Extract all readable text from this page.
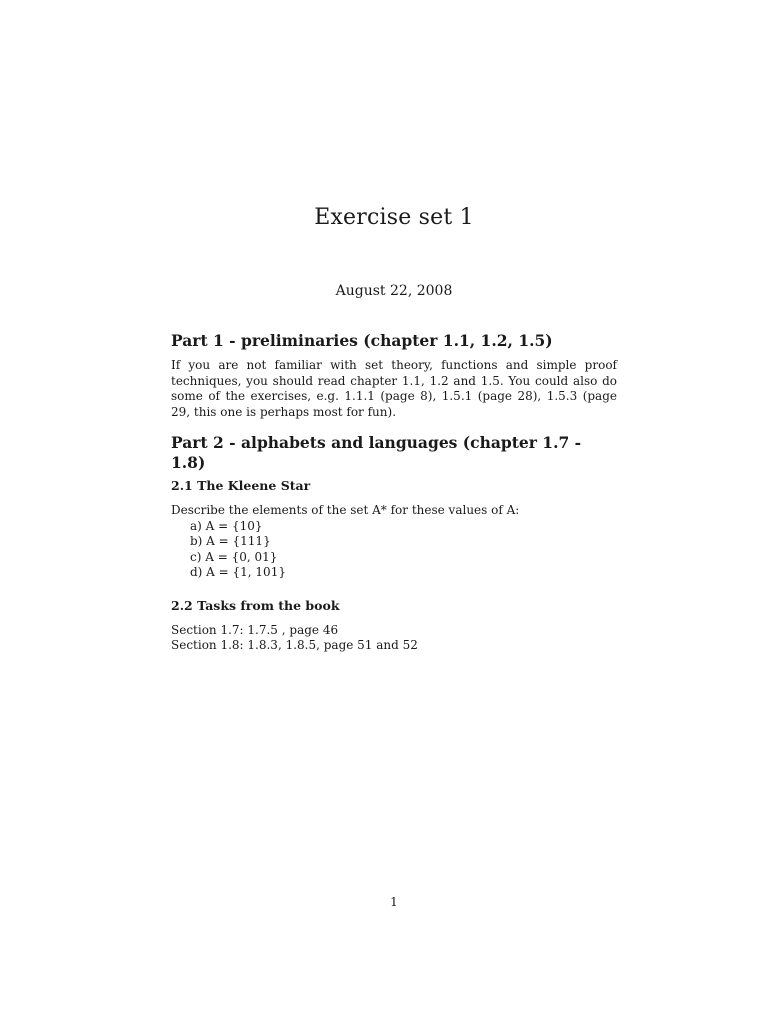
Exercise set 1
August 22, 2008
Part 1 - preliminaries (chapter 1.1, 1.2, 1.5)

If you are not familiar with set theory, functions and simple proof techniques, you should read chapter 1.1, 1.2 and 1.5. You could also do some of the exercises, e.g. 1.1.1 (page 8), 1.5.1 (page 28), 1.5.3 (page 29, this one is perhaps most for fun).

Part 2 - alphabets and languages (chapter 1.7 - 1.8)
2.1 The Kleene Star

Describe the elements of the set A* for these values of A:

a) A = {10}
b) A = {111}
c) A = {0, 01}
d) A = {1, 101}
2.2 Tasks from the book
Section 1.7: 1.7.5 , page 46
Section 1.8: 1.8.3, 1.8.5, page 51 and 52
1
